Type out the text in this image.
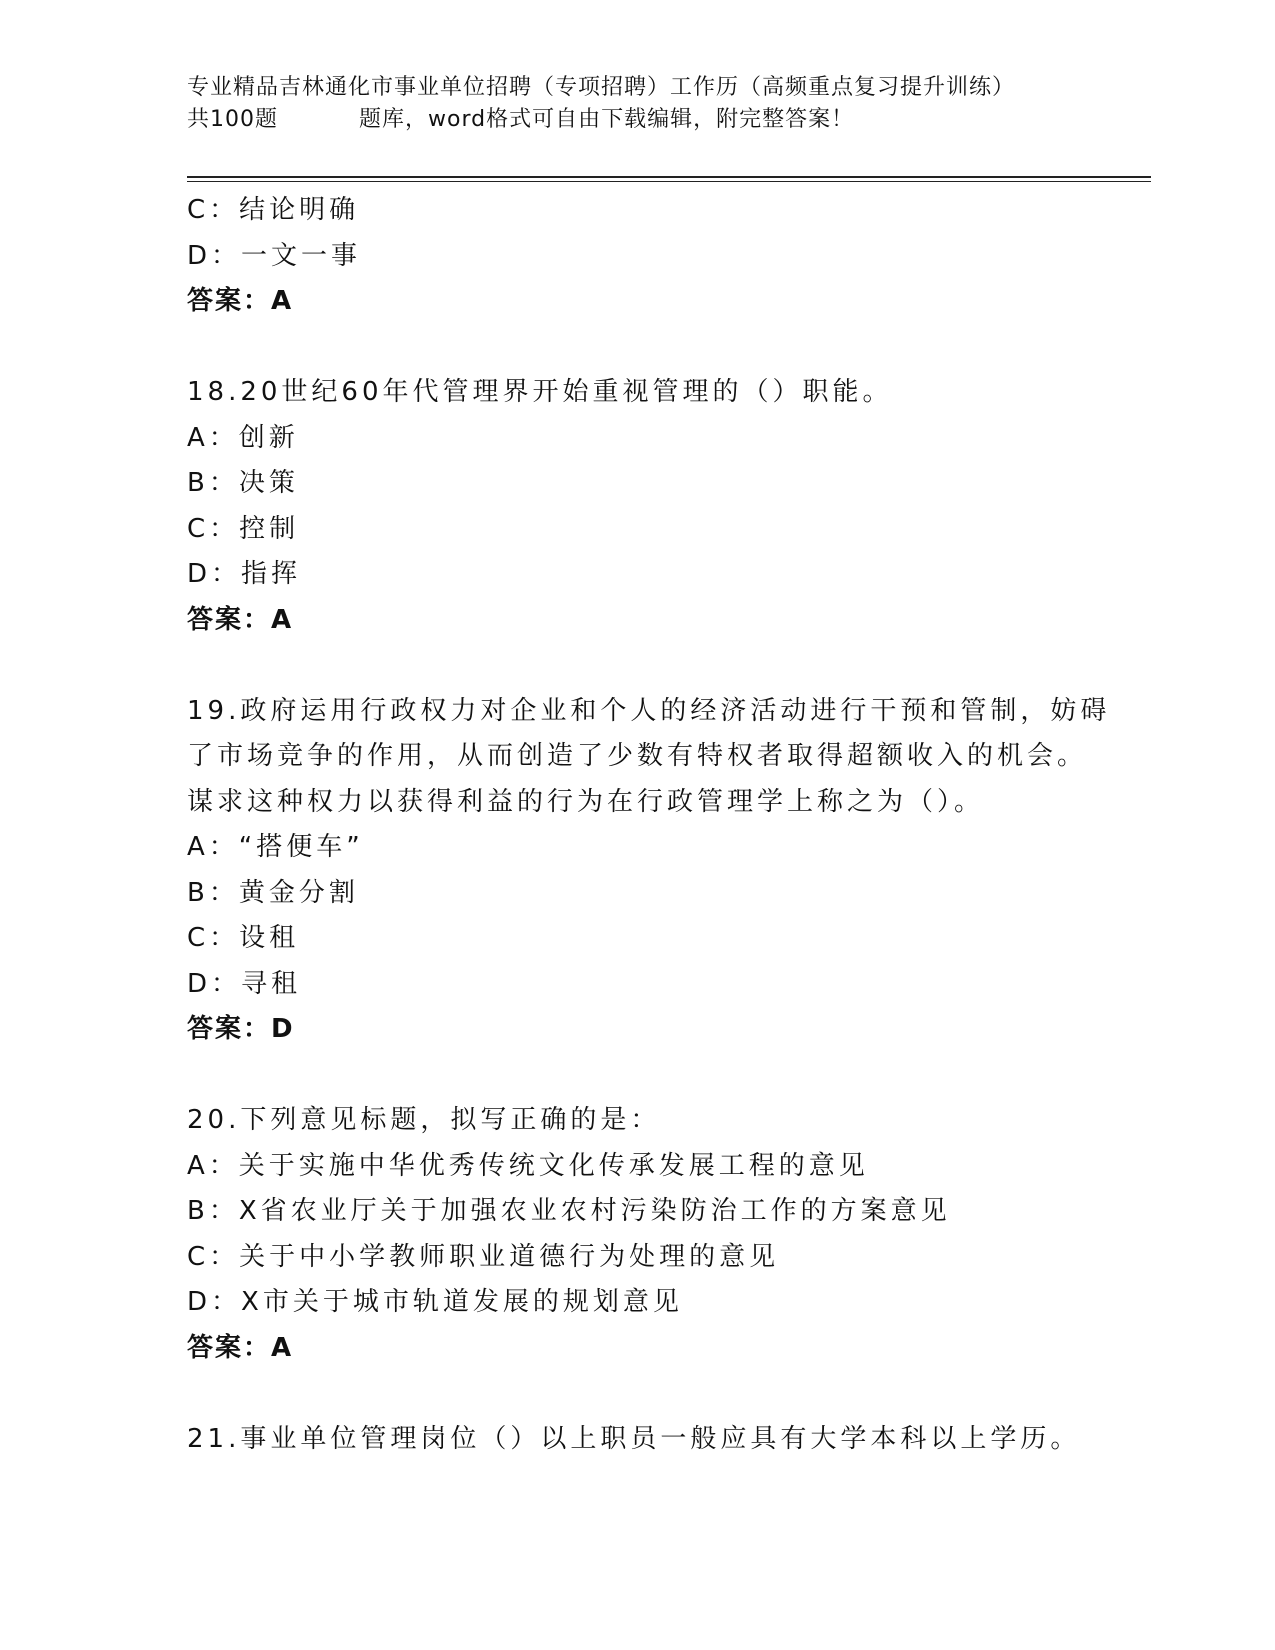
专业精品吉林通化市事业单位招聘（专项招聘）工作历（高频重点复习提升训练）
共100题	题库，word格式可自由下载编辑，附完整答案！
C：结论明确
D：一文一事
答案：A
18.20世纪60年代管理界开始重视管理的（）职能。
A：创新
B：决策
C：控制
D：指挥
答案：A
19.政府运用行政权力对企业和个人的经济活动进行干预和管制，妨碍
了市场竞争的作用，从而创造了少数有特权者取得超额收入的机会。
谋求这种权力以获得利益的行为在行政管理学上称之为（）。
A：“搭便车”
B：黄金分割
C：设租
D：寻租
答案：D
20.下列意见标题，拟写正确的是：
A：关于实施中华优秀传统文化传承发展工程的意见
B：X省农业厅关于加强农业农村污染防治工作的方案意见
C：关于中小学教师职业道德行为处理的意见
D：X市关于城市轨道发展的规划意见
答案：A
21.事业单位管理岗位（）以上职员一般应具有大学本科以上学历。
